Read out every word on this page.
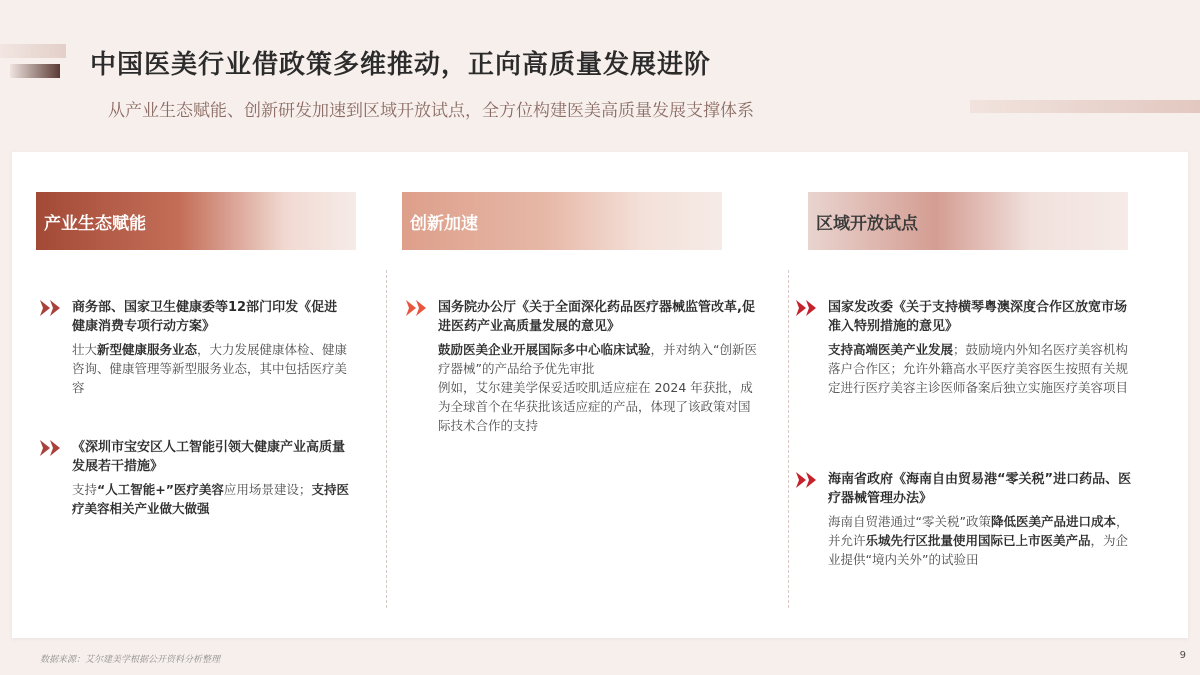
中国医美行业借政策多维推动，正向高质量发展进阶
从产业生态赋能、创新研发加速到区域开放试点，全方位构建医美高质量发展支撑体系
产业生态赋能
商务部、国家卫生健康委等12部门印发《促进健康消费专项行动方案》
壮大新型健康服务业态，大力发展健康体检、健康咨询、健康管理等新型服务业态，其中包括医疗美容
《深圳市宝安区人工智能引领大健康产业高质量发展若干措施》
支持“人工智能+”医疗美容应用场景建设；支持医疗美容相关产业做大做强
创新加速
国务院办公厅《关于全面深化药品医疗器械监管改革,促进医药产业高质量发展的意见》
鼓励医美企业开展国际多中心临床试验，并对纳入“创新医疗器械”的产品给予优先审批
例如，艾尔建美学保妥适咬肌适应症在 2024 年获批，成为全球首个在华获批该适应症的产品，体现了该政策对国际技术合作的支持
区域开放试点
国家发改委《关于支持横琴粤澳深度合作区放宽市场准入特别措施的意见》
支持高端医美产业发展；鼓励境内外知名医疗美容机构落户合作区；允许外籍高水平医疗美容医生按照有关规定进行医疗美容主诊医师备案后独立实施医疗美容项目
海南省政府《海南自由贸易港“零关税”进口药品、医疗器械管理办法》
海南自贸港通过“零关税”政策降低医美产品进口成本，并允许乐城先行区批量使用国际已上市医美产品，为企业提供“境内关外”的试验田
数据来源：艾尔建美学根据公开资料分析整理	9
